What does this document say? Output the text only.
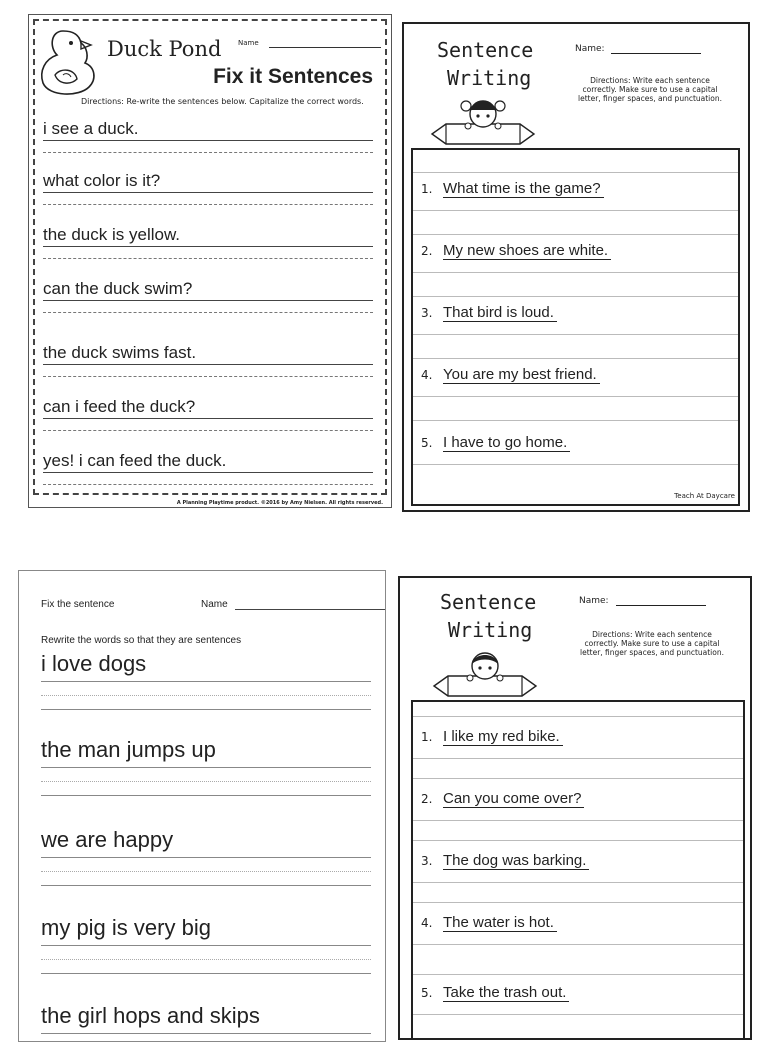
Duck Pond
Fix it Sentences
Name
Directions: Re-write the sentences below. Capitalize the correct words.
i see a duck.
what color is it?
the duck is yellow.
can the duck swim?
the duck swims fast.
can i feed the duck?
yes! i can feed the duck.
A Planning Playtime product. ©2016 by Amy Nielsen. All rights reserved.
Sentence
Writing
Name:
Directions: Write each sentence correctly. Make sure to use a capital letter, finger spaces, and punctuation.
1. What time is the game?
2. My new shoes are white.
3. That bird is loud.
4. You are my best friend.
5. I have to go home.
Teach At Daycare
Fix the sentence	Name
Rewrite the words so that they are sentences
i love dogs
the man jumps up
we are happy
my pig is very big
the girl hops and skips
Sentence
Writing
Name:
Directions: Write each sentence correctly. Make sure to use a capital letter, finger spaces, and punctuation.
1. I like my red bike.
2. Can you come over?
3. The dog was barking.
4. The water is hot.
5. Take the trash out.
